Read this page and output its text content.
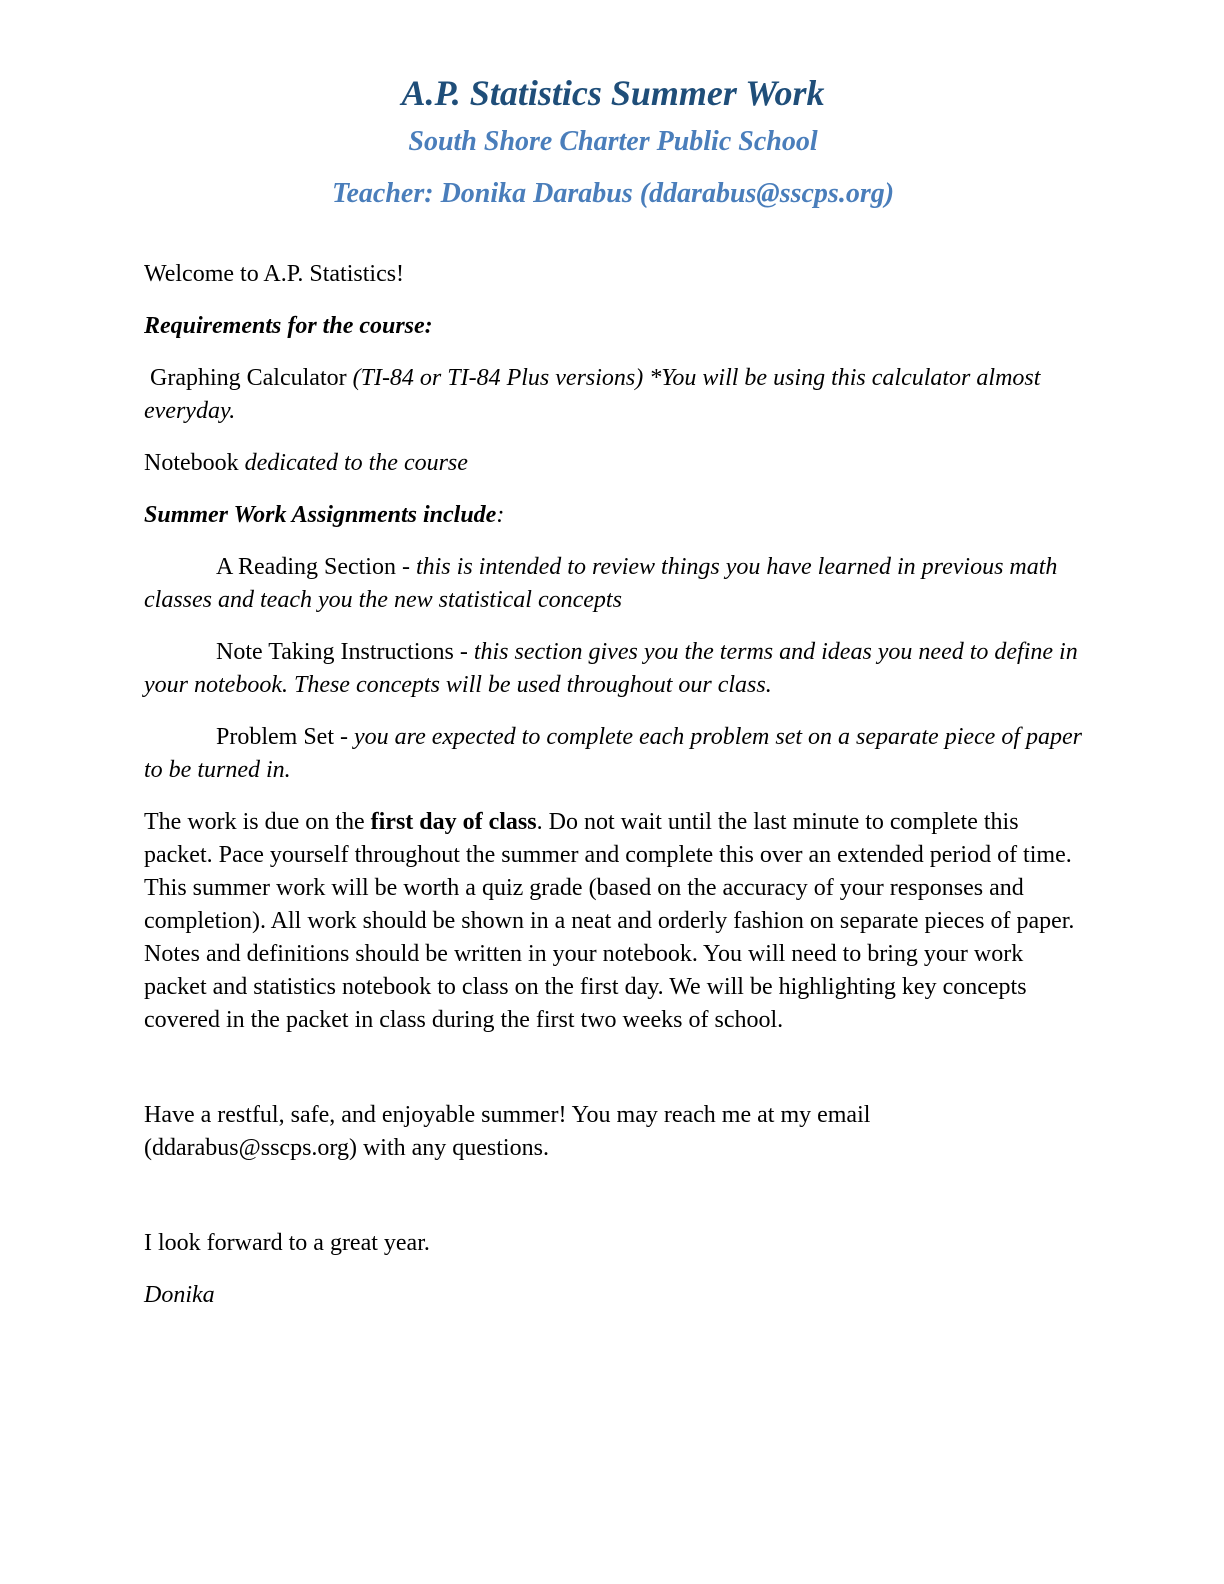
A.P. Statistics Summer Work
South Shore Charter Public School
Teacher: Donika Darabus (ddarabus@sscps.org)

Welcome to A.P. Statistics!

Requirements for the course:

Graphing Calculator (TI-84 or TI-84 Plus versions) *You will be using this calculator almost everyday.

Notebook dedicated to the course

Summer Work Assignments include:

A Reading Section - this is intended to review things you have learned in previous math classes and teach you the new statistical concepts

Note Taking Instructions - this section gives you the terms and ideas you need to define in your notebook. These concepts will be used throughout our class.

Problem Set - you are expected to complete each problem set on a separate piece of paper to be turned in.

The work is due on the first day of class. Do not wait until the last minute to complete this packet. Pace yourself throughout the summer and complete this over an extended period of time. This summer work will be worth a quiz grade (based on the accuracy of your responses and completion). All work should be shown in a neat and orderly fashion on separate pieces of paper. Notes and definitions should be written in your notebook. You will need to bring your work packet and statistics notebook to class on the first day. We will be highlighting key concepts covered in the packet in class during the first two weeks of school.

Have a restful, safe, and enjoyable summer! You may reach me at my email (ddarabus@sscps.org) with any questions.

I look forward to a great year.

Donika
